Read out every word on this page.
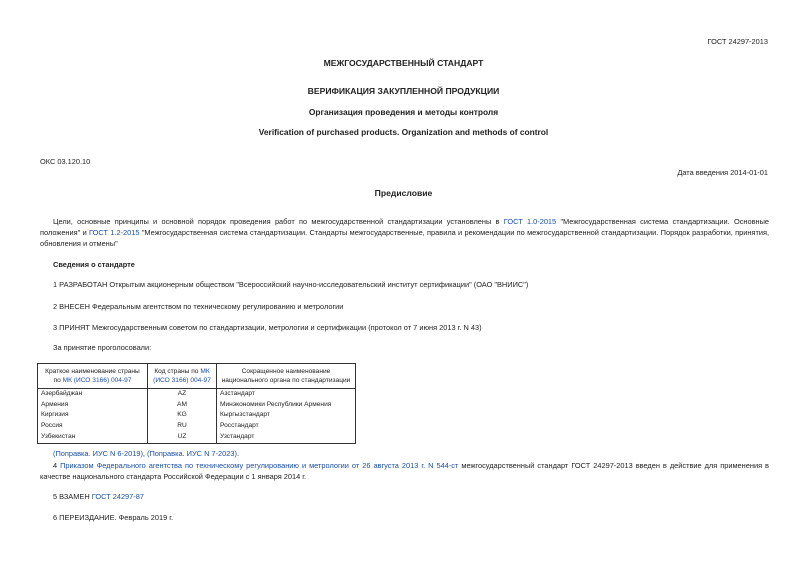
ГОСТ 24297-2013
МЕЖГОСУДАРСТВЕННЫЙ СТАНДАРТ
ВЕРИФИКАЦИЯ ЗАКУПЛЕННОЙ ПРОДУКЦИИ
Организация проведения и методы контроля
Verification of purchased products. Organization and methods of control
ОКС 03.120.10
Дата введения 2014-01-01
Предисловие
Цели, основные принципы и основной порядок проведения работ по межгосударственной стандартизации установлены в ГОСТ 1.0-2015 "Межгосударственная система стандартизации. Основные положения" и ГОСТ 1.2-2015 "Межгосударственная система стандартизации. Стандарты межгосударственные, правила и рекомендации по межгосударственной стандартизации. Порядок разработки, принятия, обновления и отмены"
Сведения о стандарте
1 РАЗРАБОТАН Открытым акционерным обществом "Всероссийский научно-исследовательский институт сертификации" (ОАО "ВНИИС")
2 ВНЕСЕН Федеральным агентством по техническому регулированию и метрологии
3 ПРИНЯТ Межгосударственным советом по стандартизации, метрологии и сертификации (протокол от 7 июня 2013 г. N 43)
За принятие проголосовали:
Краткое наименование страны по МК (ИСО 3166) 004-97	Код страны по МК (ИСО 3166) 004-97	Сокращенное наименование национального органа по стандартизации
Азербайджан	AZ	Азстандарт
Армения	AM	Минэкономики Республики Армения
Киргизия	KG	Кыргызстандарт
Россия	RU	Росстандарт
Узбекистан	UZ	Узстандарт
(Поправка. ИУС N 6-2019), (Поправка. ИУС N 7-2023).
4 Приказом Федерального агентства по техническому регулированию и метрологии от 26 августа 2013 г. N 544-ст межгосударственный стандарт ГОСТ 24297-2013 введен в действие для применения в качестве национального стандарта Российской Федерации с 1 января 2014 г.
5 ВЗАМЕН ГОСТ 24297-87
6 ПЕРЕИЗДАНИЕ. Февраль 2019 г.
